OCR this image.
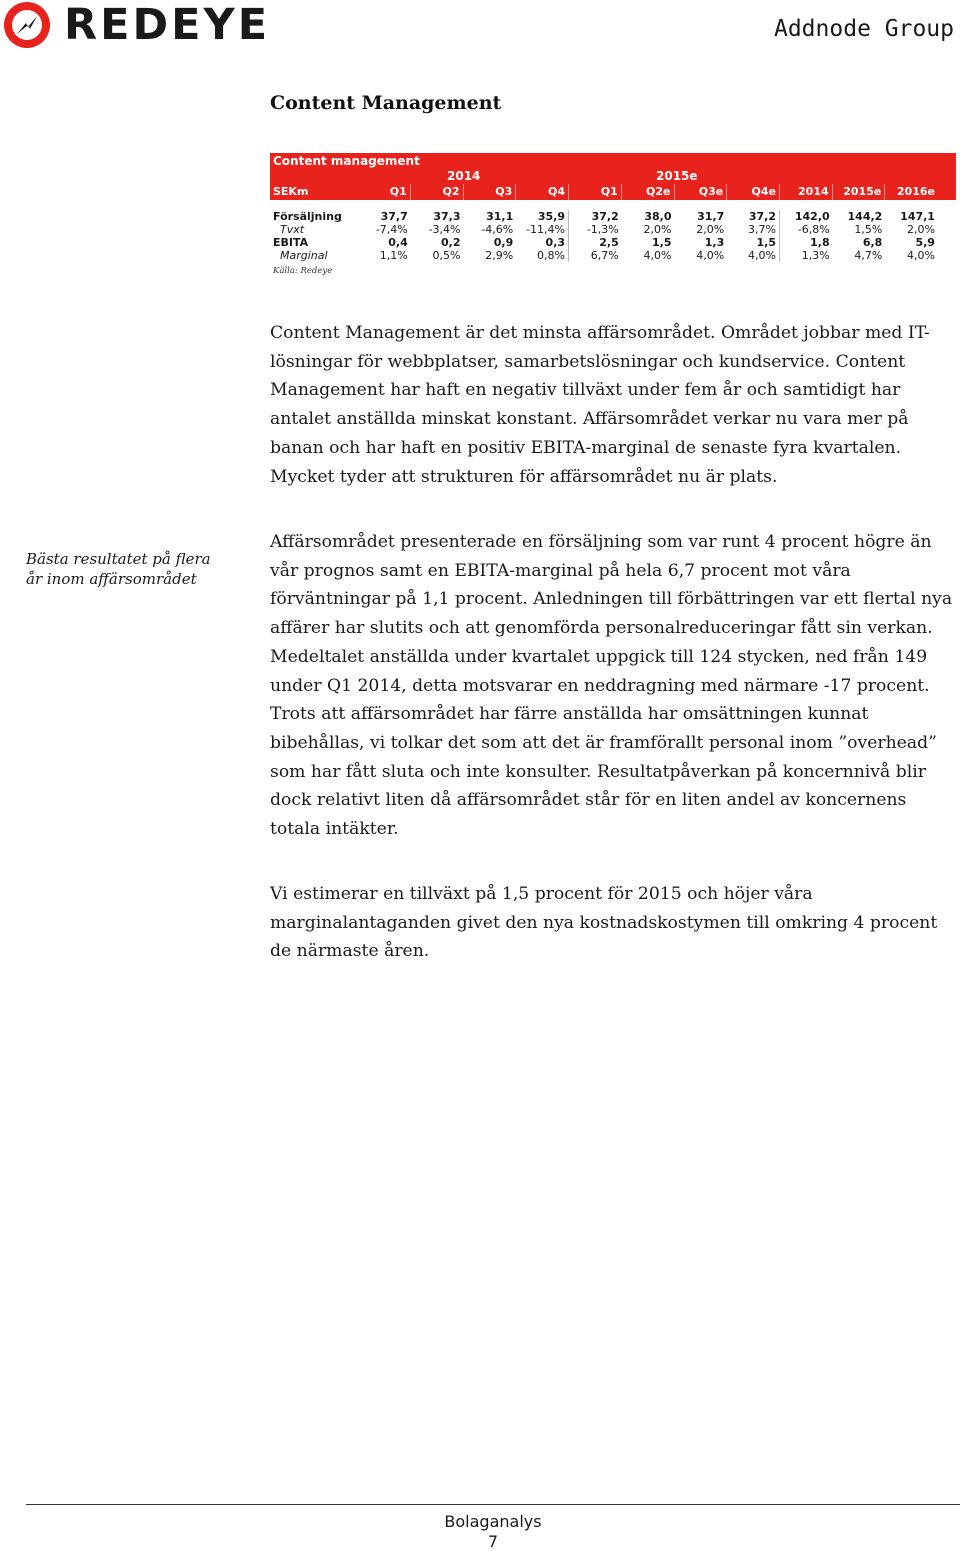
REDEYE	Addnode Group
Content Management
Content management
2014	2015e
SEKm	Q1	Q2	Q3	Q4	Q1	Q2e	Q3e	Q4e	2014	2015e	2016e
Försäljning	37,7	37,3	31,1	35,9	37,2	38,0	31,7	37,2	142,0	144,2	147,1
Tvxt	-7,4%	-3,4%	-4,6%	-11,4%	-1,3%	2,0%	2,0%	3,7%	-6,8%	1,5%	2,0%
EBITA	0,4	0,2	0,9	0,3	2,5	1,5	1,3	1,5	1,8	6,8	5,9
Marginal	1,1%	0,5%	2,9%	0,8%	6,7%	4,0%	4,0%	4,0%	1,3%	4,7%	4,0%
Källa: Redeye

Content Management är det minsta affärsområdet. Området jobbar med IT-lösningar för webbplatser, samarbetslösningar och kundservice. Content Management har haft en negativ tillväxt under fem år och samtidigt har antalet anställda minskat konstant. Affärsområdet verkar nu vara mer på banan och har haft en positiv EBITA-marginal de senaste fyra kvartalen. Mycket tyder att strukturen för affärsområdet nu är plats.

Bästa resultatet på flera år inom affärsområdet

Affärsområdet presenterade en försäljning som var runt 4 procent högre än vår prognos samt en EBITA-marginal på hela 6,7 procent mot våra förväntningar på 1,1 procent. Anledningen till förbättringen var ett flertal nya affärer har slutits och att genomförda personalreduceringar fått sin verkan. Medeltalet anställda under kvartalet uppgick till 124 stycken, ned från 149 under Q1 2014, detta motsvarar en neddragning med närmare -17 procent. Trots att affärsområdet har färre anställda har omsättningen kunnat bibehållas, vi tolkar det som att det är framförallt personal inom ”overhead” som har fått sluta och inte konsulter. Resultatpåverkan på koncernnivå blir dock relativt liten då affärsområdet står för en liten andel av koncernens totala intäkter.

Vi estimerar en tillväxt på 1,5 procent för 2015 och höjer våra marginalantaganden givet den nya kostnadskostymen till omkring 4 procent de närmaste åren.

Bolaganalys
7
